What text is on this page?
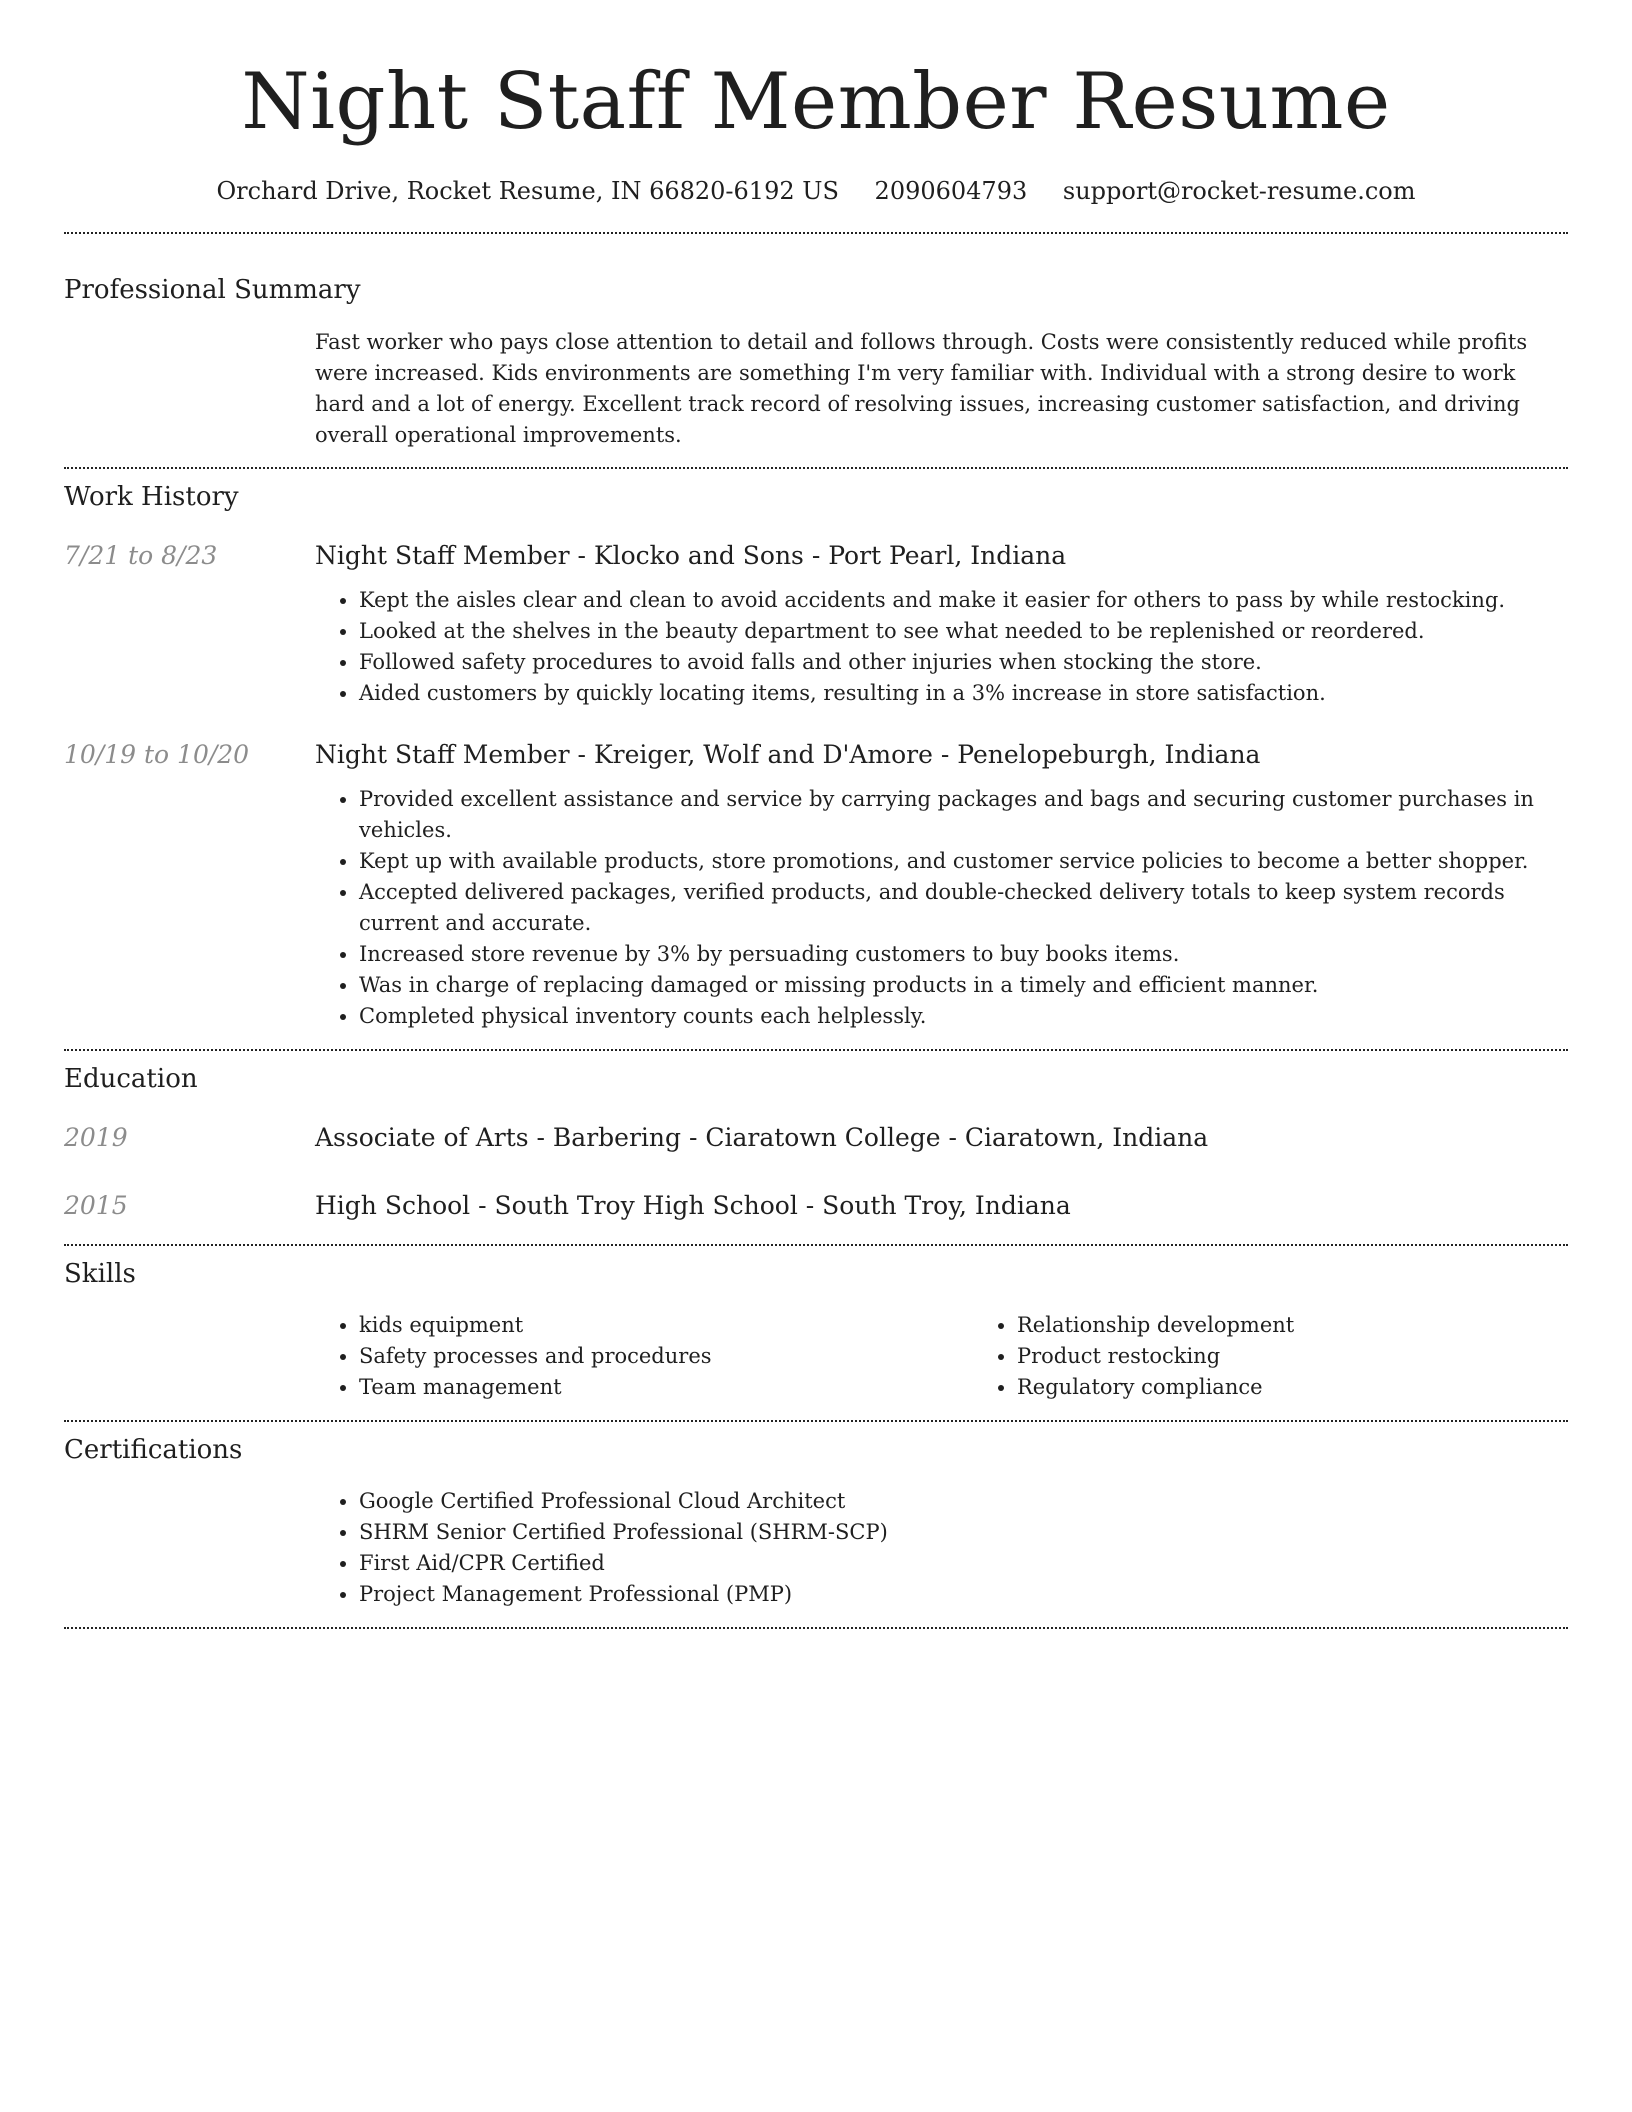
Night Staff Member Resume
Orchard Drive, Rocket Resume, IN 66820-6192 US 2090604793 support@rocket-resume.com
Professional Summary

Fast worker who pays close attention to detail and follows through. Costs were consistently reduced while profits were increased. Kids environments are something I'm very familiar with. Individual with a strong desire to work hard and a lot of energy. Excellent track record of resolving issues, increasing customer satisfaction, and driving overall operational improvements.

Work History
7/21 to 8/23	Night Staff Member - Klocko and Sons - Port Pearl, Indiana
• Kept the aisles clear and clean to avoid accidents and make it easier for others to pass by while restocking.
• Looked at the shelves in the beauty department to see what needed to be replenished or reordered.
• Followed safety procedures to avoid falls and other injuries when stocking the store.
• Aided customers by quickly locating items, resulting in a 3% increase in store satisfaction.
10/19 to 10/20	Night Staff Member - Kreiger, Wolf and D'Amore - Penelopeburgh, Indiana
• Provided excellent assistance and service by carrying packages and bags and securing customer purchases in vehicles.
• Kept up with available products, store promotions, and customer service policies to become a better shopper.
• Accepted delivered packages, verified products, and double-checked delivery totals to keep system records current and accurate.
• Increased store revenue by 3% by persuading customers to buy books items.
• Was in charge of replacing damaged or missing products in a timely and efficient manner.
• Completed physical inventory counts each helplessly.
Education
2019	Associate of Arts - Barbering - Ciaratown College - Ciaratown, Indiana
2015	High School - South Troy High School - South Troy, Indiana
Skills
• kids equipment
• Safety processes and procedures
• Team management
• Relationship development
• Product restocking
• Regulatory compliance
Certifications
• Google Certified Professional Cloud Architect
• SHRM Senior Certified Professional (SHRM-SCP)
• First Aid/CPR Certified
• Project Management Professional (PMP)
